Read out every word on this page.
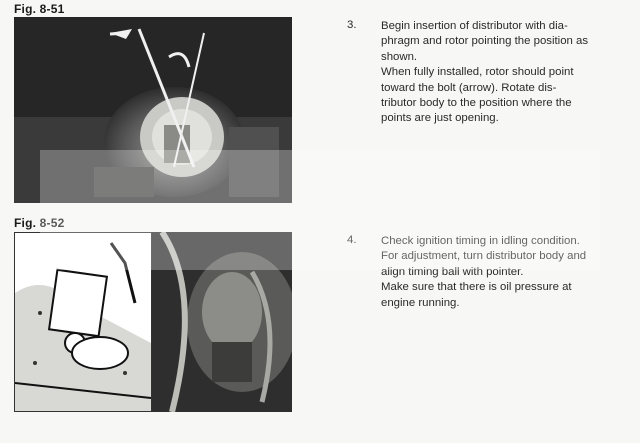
Fig. 8-51
3. Begin insertion of distributor with dia-

phragm and rotor pointing the position as

shown.

When fully installed, rotor should point

toward the bolt (arrow). Rotate dis-

tributor body to the position where the

points are just opening.

Fig. 8-52
4. Check ignition timing in idling condition.

For adjustment, turn distributor body and

align timing ball with pointer.

Make sure that there is oil pressure at

engine running.
